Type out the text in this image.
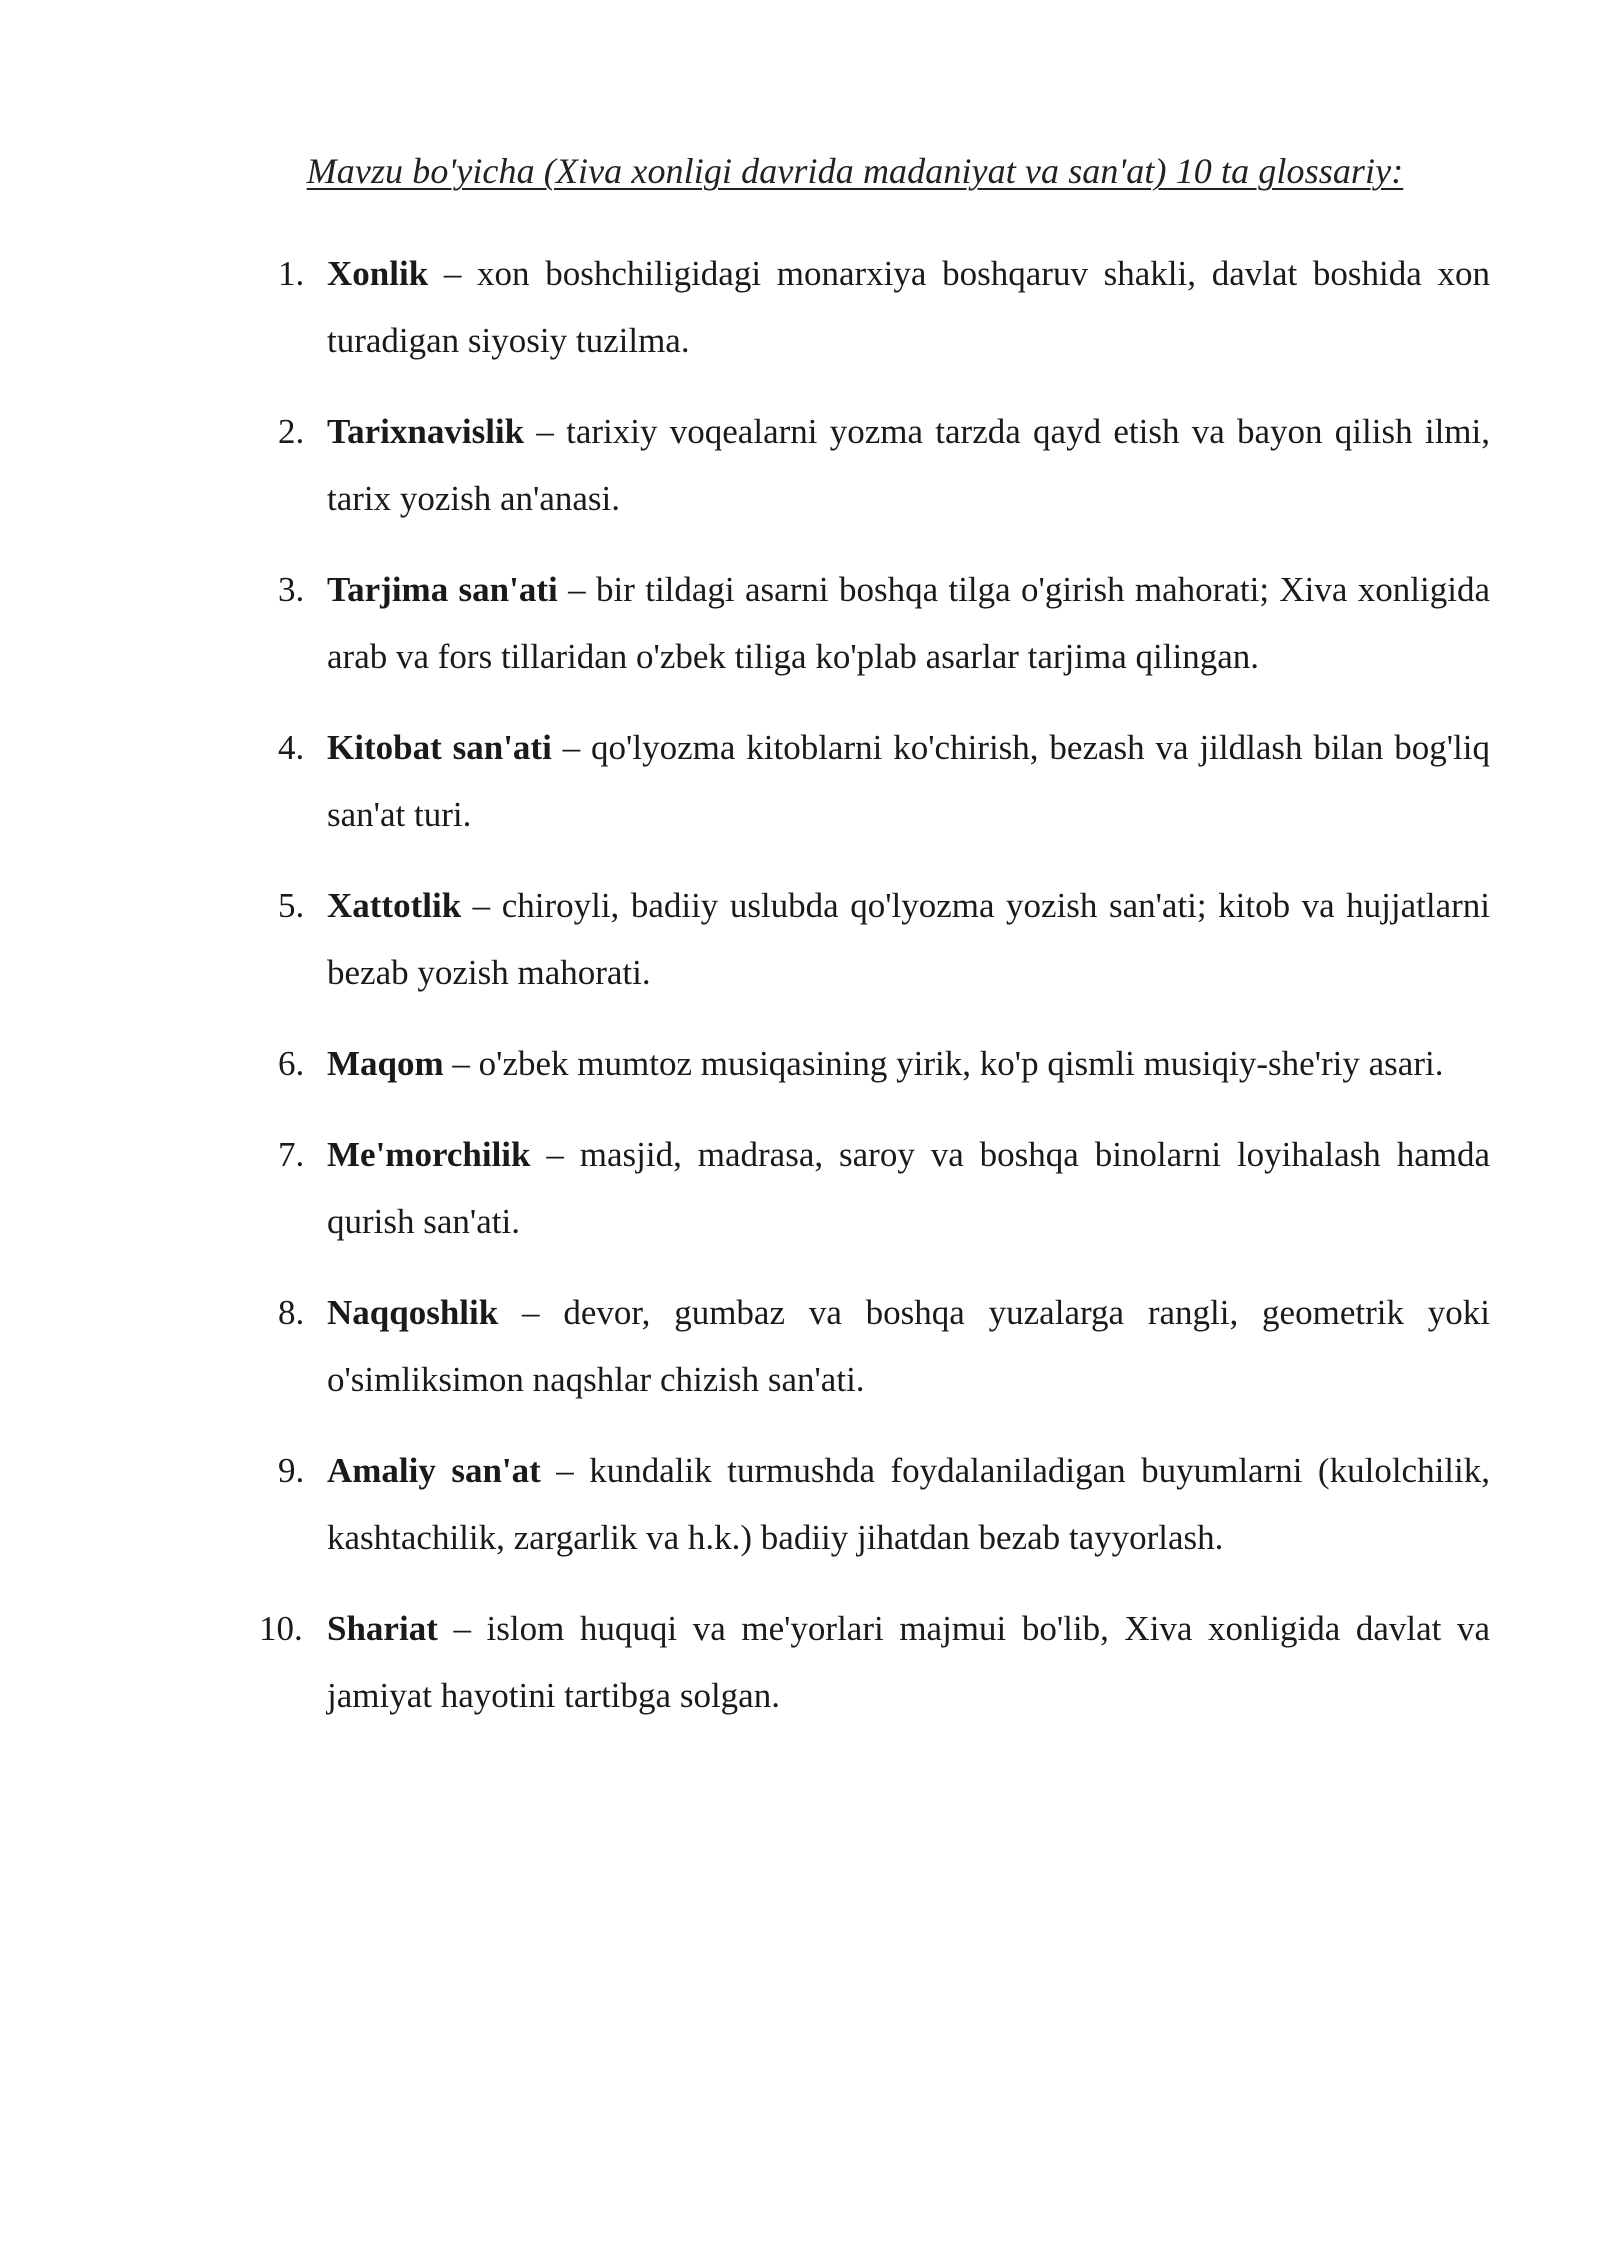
Mavzu bo'yicha (Xiva xonligi davrida madaniyat va san'at) 10 ta glossariy:

1. Xonlik – xon boshchiligidagi monarxiya boshqaruv shakli, davlat boshida xon turadigan siyosiy tuzilma.
2. Tarixnavislik – tarixiy voqealarni yozma tarzda qayd etish va bayon qilish ilmi, tarix yozish an'anasi.
3. Tarjima san'ati – bir tildagi asarni boshqa tilga o'girish mahorati; Xiva xonligida arab va fors tillaridan o'zbek tiliga ko'plab asarlar tarjima qilingan.
4. Kitobat san'ati – qo'lyozma kitoblarni ko'chirish, bezash va jildlash bilan bog'liq san'at turi.
5. Xattotlik – chiroyli, badiiy uslubda qo'lyozma yozish san'ati; kitob va hujjatlarni bezab yozish mahorati.
6. Maqom – o'zbek mumtoz musiqasining yirik, ko'p qismli musiqiy-she'riy asari.
7. Me'morchilik – masjid, madrasa, saroy va boshqa binolarni loyihalash hamda qurish san'ati.
8. Naqqoshlik – devor, gumbaz va boshqa yuzalarga rangli, geometrik yoki o'simliksimon naqshlar chizish san'ati.
9. Amaliy san'at – kundalik turmushda foydalaniladigan buyumlarni (kulolchilik, kashtachilik, zargarlik va h.k.) badiiy jihatdan bezab tayyorlash.
10. Shariat – islom huquqi va me'yorlari majmui bo'lib, Xiva xonligida davlat va jamiyat hayotini tartibga solgan.
